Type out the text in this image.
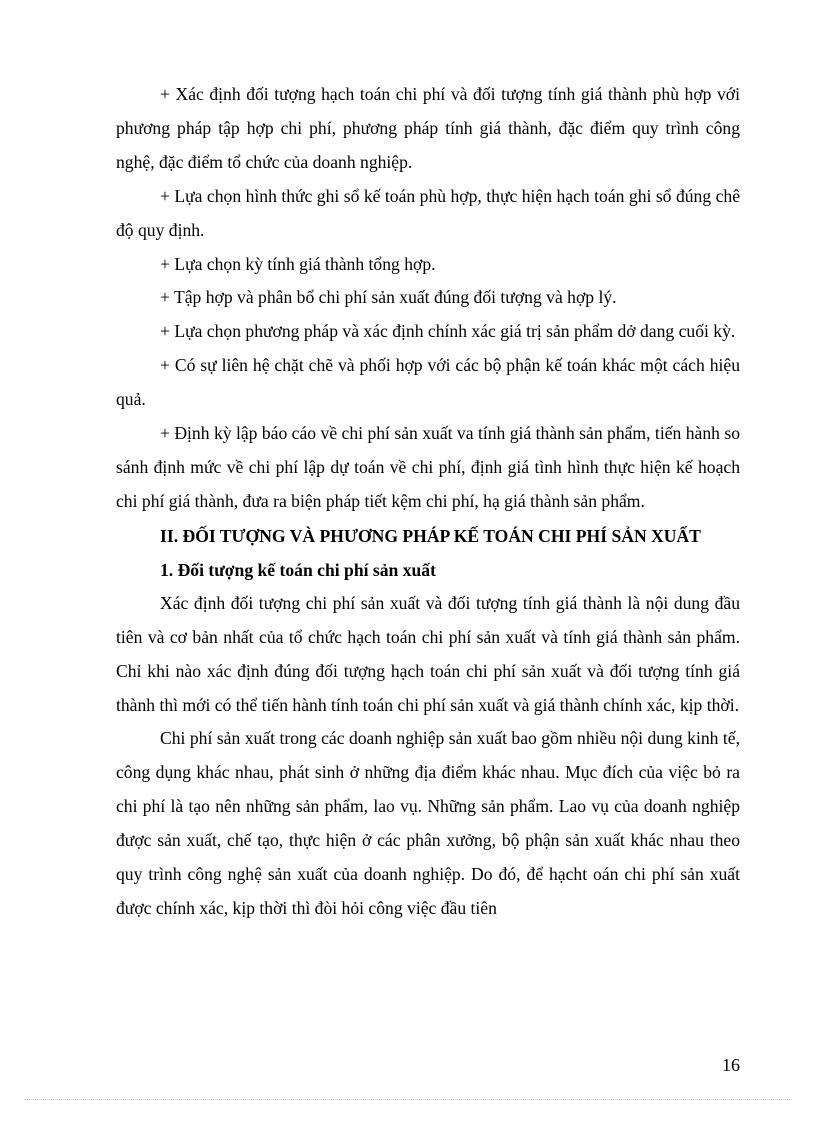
+ Xác định đối tượng hạch toán chi phí và đối tượng tính giá thành phù hợp với phương pháp tập hợp chi phí, phương pháp tính giá thành, đặc điểm quy trình công nghệ, đặc điểm tổ chức của doanh nghiệp.

+ Lựa chọn hình thức ghi sổ kế toán phù hợp, thực hiện hạch toán ghi sổ đúng chê độ quy định.

+ Lựa chọn kỳ tính giá thành tổng hợp.

+ Tập hợp và phân bổ chi phí sản xuất đúng đối tượng và hợp lý.

+ Lựa chọn phương pháp và xác định chính xác giá trị sản phẩm dở dang cuối kỳ.

+ Có sự liên hệ chặt chẽ và phối hợp với các bộ phận kế toán khác một cách hiệu quả.

+ Định kỳ lập báo cáo về chi phí sản xuất va tính giá thành sản phẩm, tiến hành so sánh định mức về chi phí lập dự toán về chi phí, định giá tình hình thực hiện kế hoạch chi phí giá thành, đưa ra biện pháp tiết kệm chi phí, hạ giá thành sản phẩm.

II. ĐỐI TƯỢNG VÀ PHƯƠNG PHÁP KẾ TOÁN CHI PHÍ SẢN XUẤT
1. Đối tượng kế toán chi phí sản xuất

Xác định đối tượng chi phí sản xuất và đối tượng tính giá thành là nội dung đầu tiên và cơ bản nhất của tổ chức hạch toán chi phí sản xuất và tính giá thành sản phẩm. Chỉ khi nào xác định đúng đối tượng hạch toán chi phí sản xuất và đối tượng tính giá thành thì mới có thể tiến hành tính toán chi phí sản xuất và giá thành chính xác, kịp thời.

Chi phí sản xuất trong các doanh nghiệp sản xuất bao gồm nhiều nội dung kinh tế, công dụng khác nhau, phát sinh ở những địa điểm khác nhau. Mục đích của việc bỏ ra chi phí là tạo nên những sản phẩm, lao vụ. Những sản phẩm. Lao vụ của doanh nghiệp được sản xuất, chế tạo, thực hiện ở các phân xưởng, bộ phận sản xuất khác nhau theo quy trình công nghệ sản xuất của doanh nghiệp. Do đó, để hạcht oán chi phí sản xuất được chính xác, kịp thời thì đòi hỏi công việc đầu tiên

16
